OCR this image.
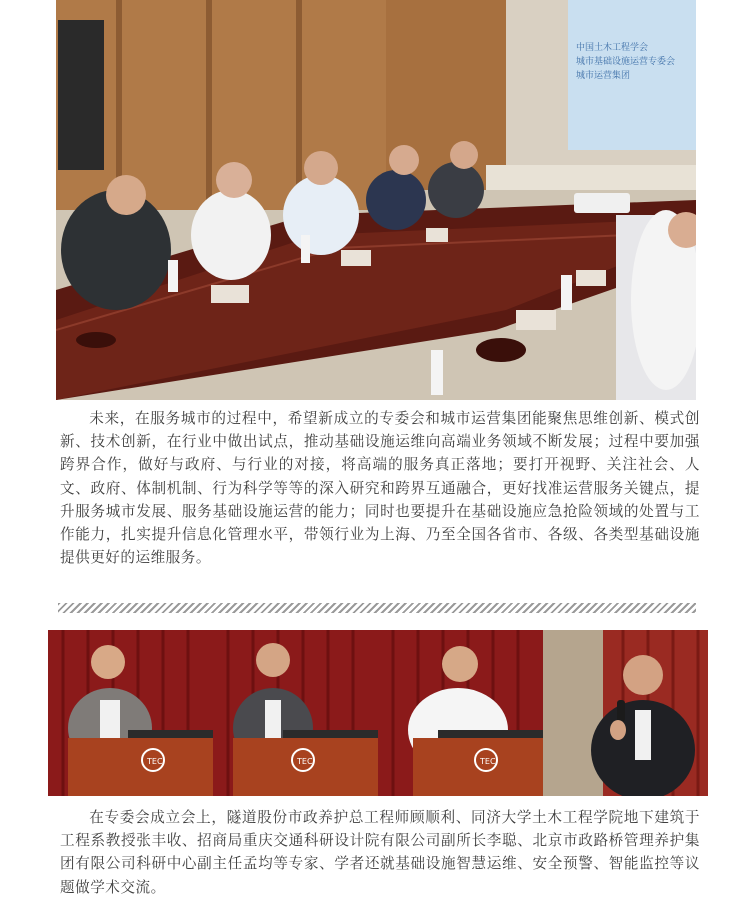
中国土木工程学会
城市基础设施运营专委会
城市运营集团

未来，在服务城市的过程中，希望新成立的专委会和城市运营集团能聚焦思维创新、模式创新、技术创新，在行业中做出试点，推动基础设施运维向高端业务领域不断发展；过程中要加强跨界合作，做好与政府、与行业的对接，将高端的服务真正落地；要打开视野、关注社会、人文、政府、体制机制、行为科学等等的深入研究和跨界互通融合，更好找准运营服务关键点，提升服务城市发展、服务基础设施运营的能力；同时也要提升在基础设施应急抢险领域的处置与工作能力，扎实提升信息化管理水平，带领行业为上海、乃至全国各省市、各级、各类型基础设施提供更好的运维服务。

TEC	TEC	TEC

在专委会成立会上，隧道股份市政养护总工程师顾顺利、同济大学土木工程学院地下建筑于工程系教授张丰收、招商局重庆交通科研设计院有限公司副所长李聪、北京市政路桥管理养护集团有限公司科研中心副主任孟均等专家、学者还就基础设施智慧运维、安全预警、智能监控等议题做学术交流。
